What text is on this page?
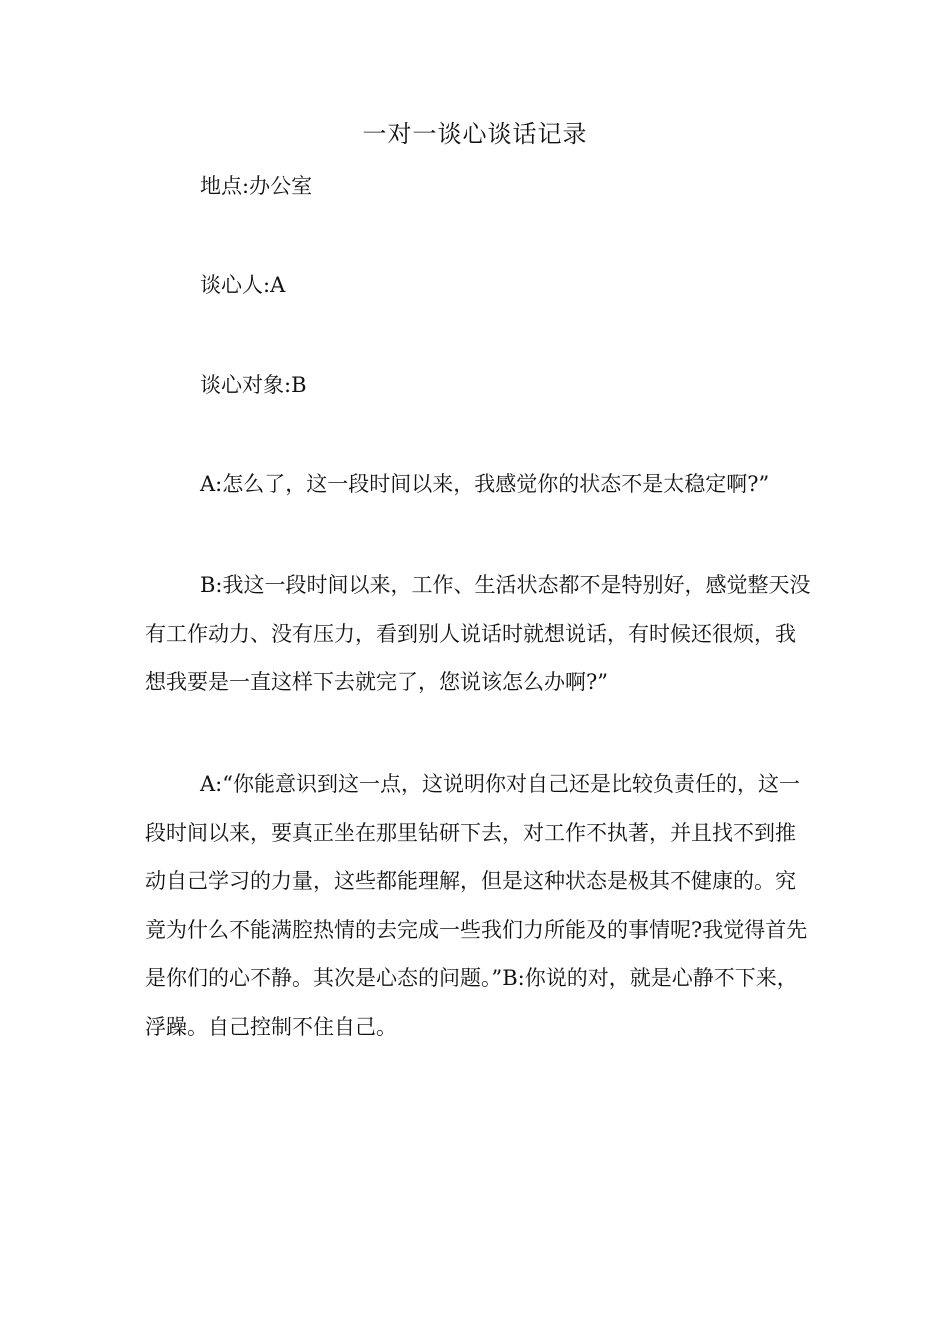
一对一谈心谈话记录
地点:办公室
谈心人:A
谈心对象:B

A:怎么了，这一段时间以来，我感觉你的状态不是太稳定啊?”

B:我这一段时间以来，工作、生活状态都不是特别好，感觉整天没有工作动力、没有压力，看到别人说话时就想说话，有时候还很烦，我想我要是一直这样下去就完了，您说该怎么办啊?”

A:“你能意识到这一点，这说明你对自己还是比较负责任的，这一段时间以来，要真正坐在那里钻研下去，对工作不执著，并且找不到推动自己学习的力量，这些都能理解，但是这种状态是极其不健康的。究竟为什么不能满腔热情的去完成一些我们力所能及的事情呢?我觉得首先是你们的心不静。其次是心态的问题。”B:你说的对，就是心静不下来，浮躁。自己控制不住自己。
